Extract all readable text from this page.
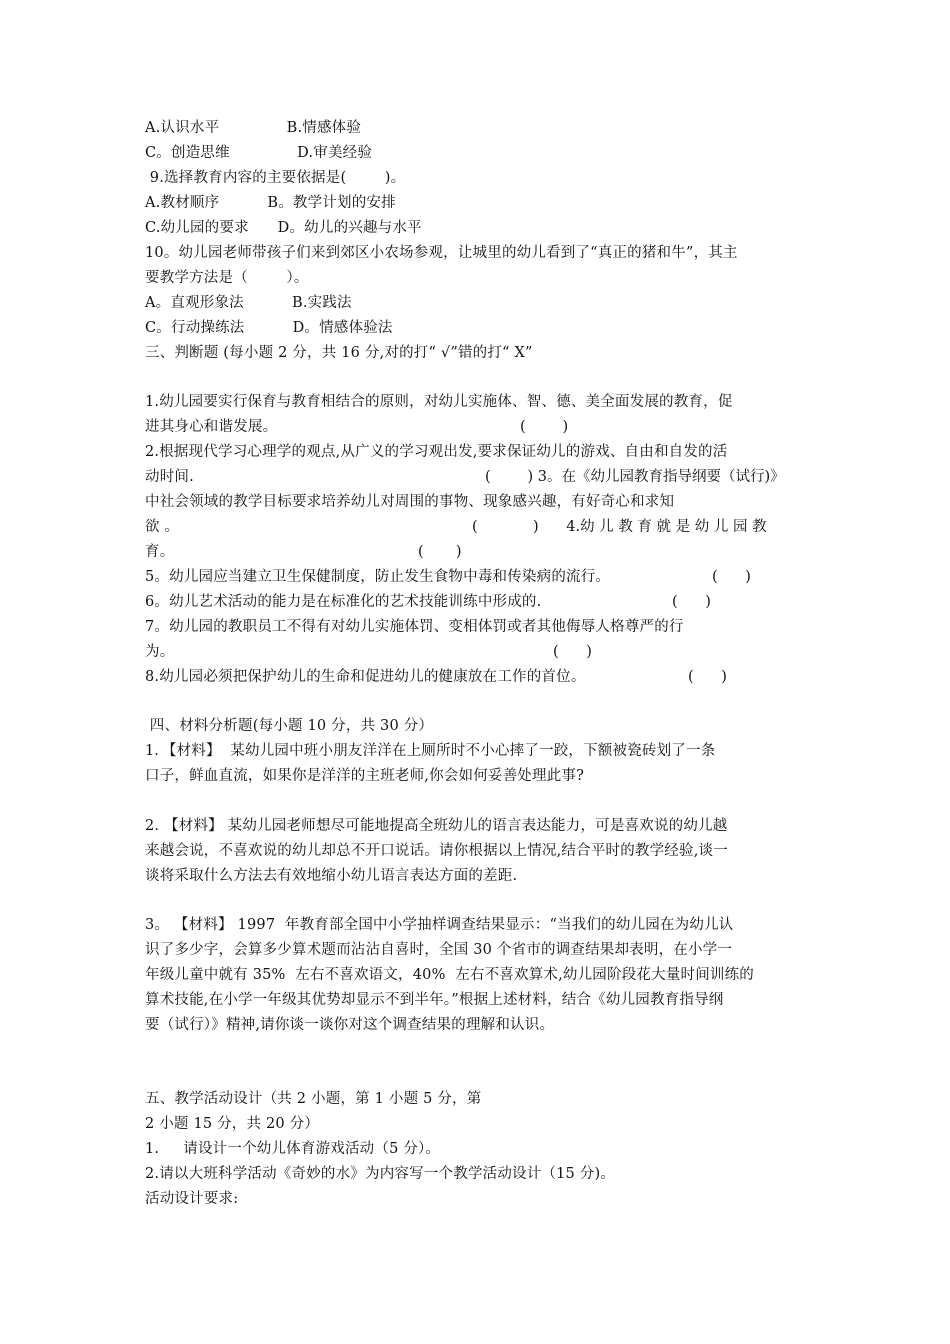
A.认识水平              B.情感体验
C。创造思维              D.审美经验
9.选择教育内容的主要依据是(        )。
A.教材顺序          B。教学计划的安排
C.幼儿园的要求      D。幼儿的兴趣与水平
10。幼儿园老师带孩子们来到郊区小农场参观，让城里的幼儿看到了“真正的猪和牛”，其主
要教学方法是（        ）。
A。直观形象法          B.实践法
C。行动操练法          D。情感体验法
三、判断题 (每小题 2 分，共 16 分,对的打“ √”错的打“ X”
1.幼儿园要实行保育与教育相结合的原则，对幼儿实施体、智、德、美全面发展的教育，促
进其身心和谐发展。	(        )
2.根据现代学习心理学的观点,从广义的学习观出发,要求保证幼儿的游戏、自由和自发的活
动时间.	(        ) 3。在《幼儿园教育指导纲要（试行)》
中社会领域的教学目标要求培养幼儿对周围的事物、现象感兴趣，有好奇心和求知
欲 。	(            )      4.幼 儿 教 育 就 是 幼 儿 园 教
育。	(       )
5。幼儿园应当建立卫生保健制度，防止发生食物中毒和传染病的流行。	(      )
6。幼儿艺术活动的能力是在标准化的艺术技能训练中形成的.	(      )
7。幼儿园的教职员工不得有对幼儿实施体罚、变相体罚或者其他侮辱人格尊严的行
为。	(      )
8.幼儿园必须把保护幼儿的生命和促进幼儿的健康放在工作的首位。	(      )
四、材料分析题(每小题 10 分，共 30 分）
1．【材料】  某幼儿园中班小朋友洋洋在上厕所时不小心摔了一跤，下额被瓷砖划了一条
口子，鲜血直流，如果你是洋洋的主班老师,你会如何妥善处理此事?
2. 【材料】 某幼儿园老师想尽可能地提高全班幼儿的语言表达能力，可是喜欢说的幼儿越
来越会说，不喜欢说的幼儿却总不开口说话。请你根据以上情况,结合平时的教学经验,谈一
谈将采取什么方法去有效地缩小幼儿语言表达方面的差距.
3。 【材料】 1997  年教育部全国中小学抽样调查结果显示：“当我们的幼儿园在为幼儿认
识了多少字，会算多少算术题而沾沾自喜时，全国 30 个省市的调查结果却表明，在小学一
年级儿童中就有 35%  左右不喜欢语文，40%  左右不喜欢算术,幼儿园阶段花大量时间训练的
算术技能,在小学一年级其优势却显示不到半年。”根据上述材料，结合《幼儿园教育指导纲
要（试行）》精神,请你谈一谈你对这个调查结果的理解和认识。
五、教学活动设计（共 2 小题，第 1 小题 5 分，第
2 小题 15 分，共 20 分）
1.     请设计一个幼儿体育游戏活动（5 分）。
2.请以大班科学活动《奇妙的水》为内容写一个教学活动设计（15 分)。
活动设计要求:
